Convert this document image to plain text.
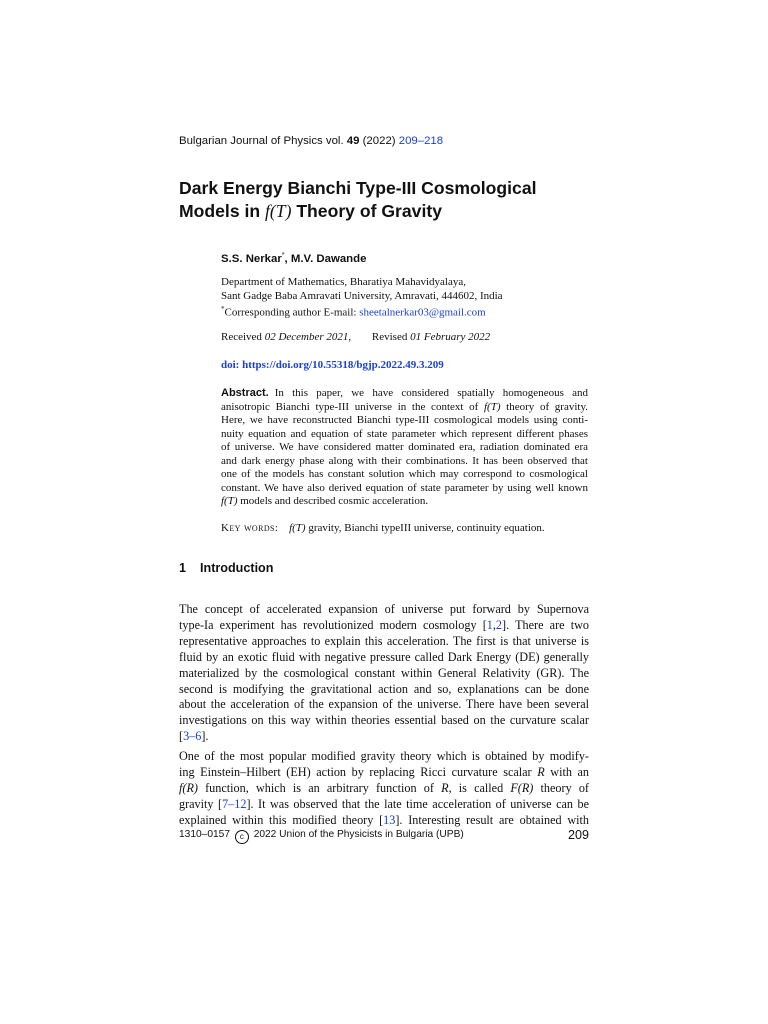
Bulgarian Journal of Physics vol. 49 (2022) 209–218
Dark Energy Bianchi Type-III Cosmological
Models in f(T) Theory of Gravity
S.S. Nerkar*, M.V. Dawande
Department of Mathematics, Bharatiya Mahavidyalaya,
Sant Gadge Baba Amravati University, Amravati, 444602, India
*Corresponding author E-mail: sheetalnerkar03@gmail.com
Received 02 December 2021, Revised 01 February 2022
doi: https://doi.org/10.55318/bgjp.2022.49.3.209
Abstract. In this paper, we have considered spatially homogeneous and
anisotropic Bianchi type-III universe in the context of f(T) theory of gravity.
Here, we have reconstructed Bianchi type-III cosmological models using conti-
nuity equation and equation of state parameter which represent different phases
of universe. We have considered matter dominated era, radiation dominated era
and dark energy phase along with their combinations. It has been observed that
one of the models has constant solution which may correspond to cosmological
constant. We have also derived equation of state parameter by using well known
f(T) models and described cosmic acceleration.
Key words: f(T) gravity, Bianchi typeIII universe, continuity equation.
1 Introduction
The concept of accelerated expansion of universe put forward by Supernova
type-Ia experiment has revolutionized modern cosmology [1,2]. There are two
representative approaches to explain this acceleration. The first is that universe is
fluid by an exotic fluid with negative pressure called Dark Energy (DE) generally
materialized by the cosmological constant within General Relativity (GR). The
second is modifying the gravitational action and so, explanations can be done
about the acceleration of the expansion of the universe. There have been several
investigations on this way within theories essential based on the curvature scalar
[3–6].
One of the most popular modified gravity theory which is obtained by modify-
ing Einstein–Hilbert (EH) action by replacing Ricci curvature scalar R with an
f(R) function, which is an arbitrary function of R, is called F(R) theory of
gravity [7–12]. It was observed that the late time acceleration of universe can be
explained within this modified theory [13]. Interesting result are obtained with
1310–0157 c 2022 Union of the Physicists in Bulgaria (UPB)	209
